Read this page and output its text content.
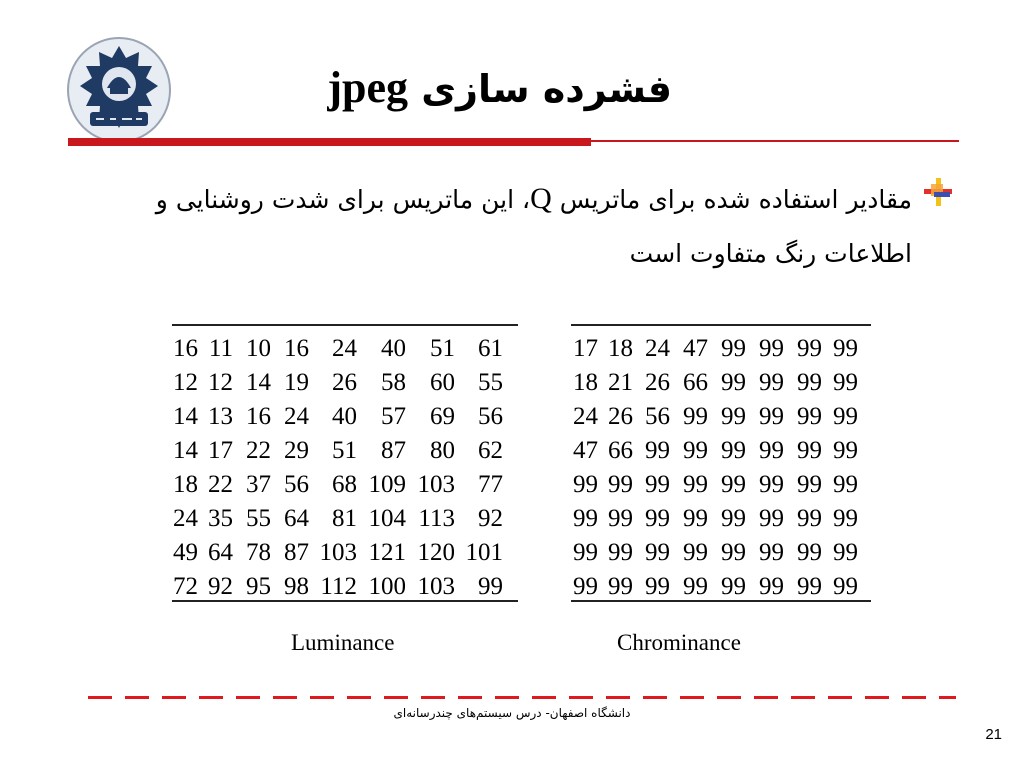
فشرده سازی jpeg
مقادیر استفاده شده برای ماتریس Q، این ماتریس برای شدت روشنایی و اطلاعات رنگ متفاوت است
16 11 10 16 24 40 51 61
12 12 14 19 26 58 60 55
14 13 16 24 40 57 69 56
14 17 22 29 51 87 80 62
18 22 37 56 68 109 103 77
24 35 55 64 81 104 113 92
49 64 78 87 103 121 120 101
72 92 95 98 112 100 103 99
17 18 24 47 99 99 99 99
18 21 26 66 99 99 99 99
24 26 56 99 99 99 99 99
47 66 99 99 99 99 99 99
99 99 99 99 99 99 99 99
99 99 99 99 99 99 99 99
99 99 99 99 99 99 99 99
99 99 99 99 99 99 99 99
Luminance	Chrominance
دانشگاه اصفهان- درس سیستم‌های چندرسانه‌ای
21
